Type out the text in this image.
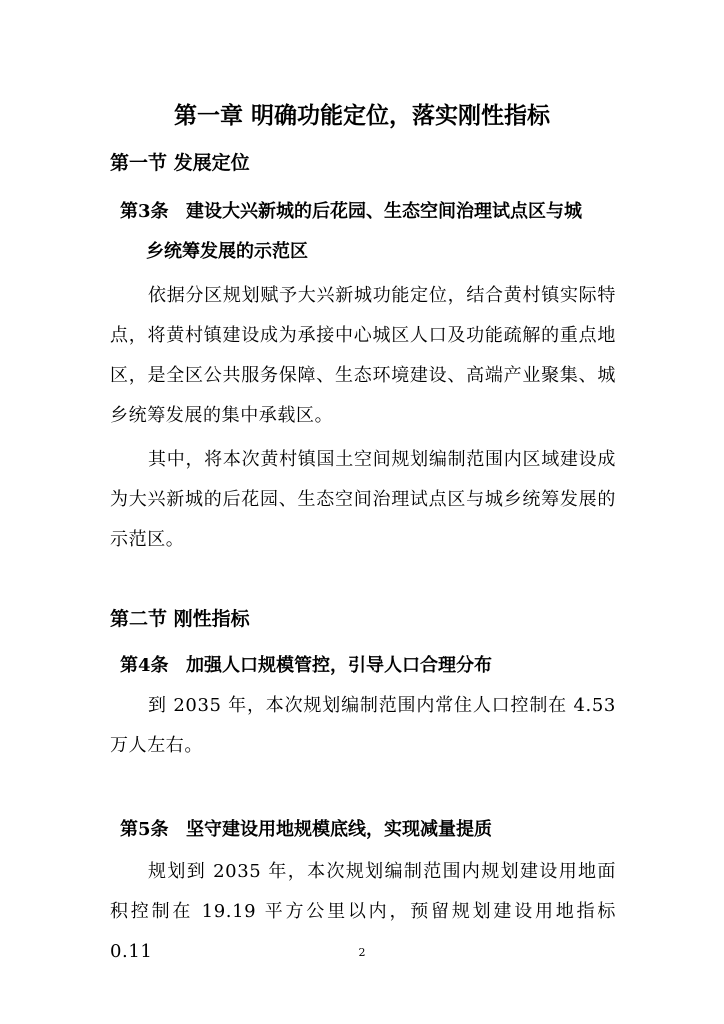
第一章 明确功能定位，落实刚性指标
第一节 发展定位
第3条 建设大兴新城的后花园、生态空间治理试点区与城
乡统筹发展的示范区

依据分区规划赋予大兴新城功能定位，结合黄村镇实际特点，将黄村镇建设成为承接中心城区人口及功能疏解的重点地区，是全区公共服务保障、生态环境建设、高端产业聚集、城乡统筹发展的集中承载区。

其中，将本次黄村镇国土空间规划编制范围内区域建设成为大兴新城的后花园、生态空间治理试点区与城乡统筹发展的示范区。

第二节 刚性指标
第4条 加强人口规模管控，引导人口合理分布

到 2035 年，本次规划编制范围内常住人口控制在 4.53 万人左右。

第5条 坚守建设用地规模底线，实现减量提质

规划到 2035 年，本次规划编制范围内规划建设用地面积控制在 19.19 平方公里以内，预留规划建设用地指标 0.11	2
